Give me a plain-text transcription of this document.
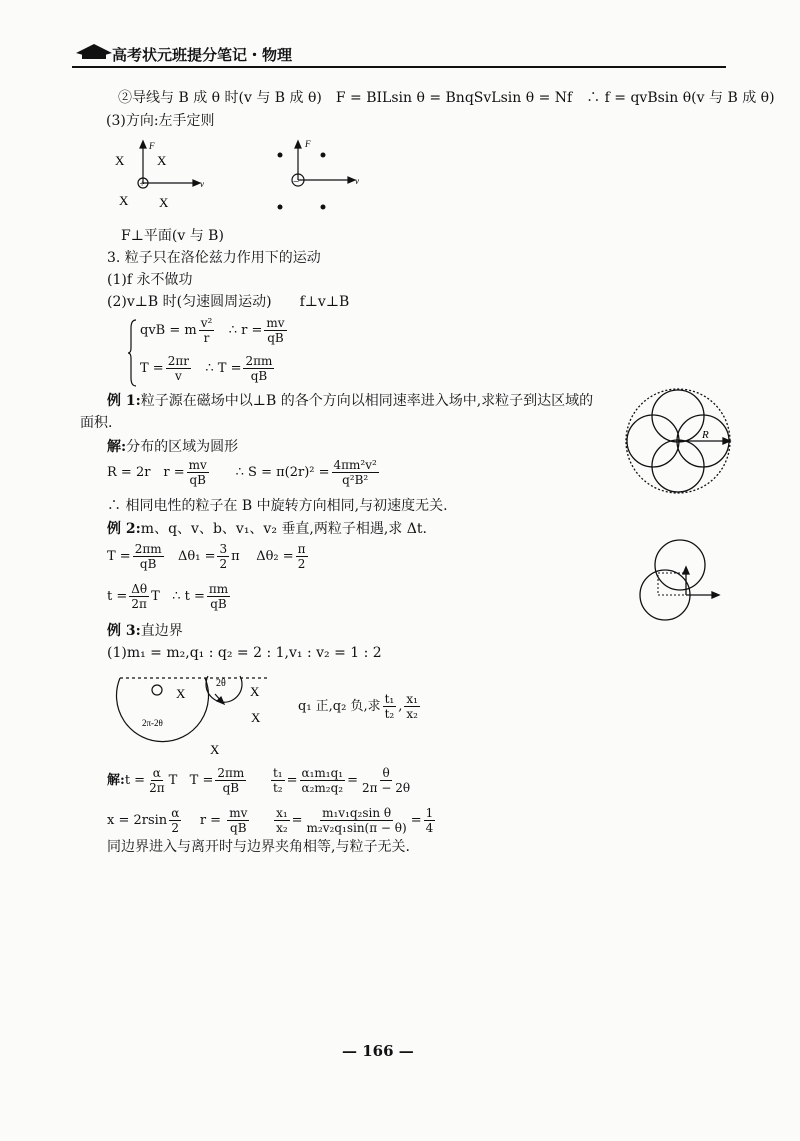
高考状元班提分笔记・物理
②导线与 B 成 θ 时(v 与 B 成 θ)　F = BILsin θ = BnqSvLsin θ = Nf　∴ f = qvBsin θ(v 与 B 成 θ)
(3)方向:左手定则
X	X
X X
F
v
+
F
v
−
F⊥平面(v 与 B)
3. 粒子只在洛伦兹力作用下的运动
(1)f 永不做功
(2)v⊥B 时(匀速圆周运动)　　f⊥v⊥B
qvB = m $\frac{\text{v²}}{r}$ ∴ $r = \frac{mv}{qB}$
$T = \frac{2\pi r}{v}$ ∴ $T = \frac{2\pi m}{qB}$
例 1:粒子源在磁场中以⊥B 的各个方向以相同速率进入场中,求粒子到达区域的
面积.
R
解:分布的区域为圆形
R = 2r　$r = \frac{mv}{qB}$ ∴ $S = \pi(2r)^2 = \frac{\text{4πm²v²}}{\text{q²B²}}$
∴ 相同电性的粒子在 B 中旋转方向相同,与初速度无关.
例 2:m、q、v、b、v₁、v₂ 垂直,两粒子相遇,求 Δt.
$T = \frac{2\pi m}{qB} \Delta\theta_1 = \frac{3}{2}$ π $\Delta\theta_2 = \frac{\pi}{2}$
$t = \frac{\Delta\theta}{2\pi}$ T ∴ $t = \frac{\pi m}{qB}$
例 3:直边界
(1)m₁ = m₂,q₁ : q₂ = 2 : 1,v₁ : v₂ = 1 : 2
X	X
X
X
2θ
2π-2θ
q₁ 正,q₂ 负,求 $\frac{\text{t₁}}{\text{t₂}}$ , $\frac{\text{x₁}}{\text{x₂}}$
解:t = $\frac{\alpha}{2\pi}$ T $T = \frac{2\pi m}{qB}$
$\frac{\text{t₁}}{\text{t₂}} = \frac{\text{α₁m₁q₁}}{\text{α₂m₂q₂}} = \frac{\theta}{2\pi - 2\theta}$
$x = 2rsin \frac{\alpha}{2}$ $r = \frac{mv}{qB}$
$\frac{\text{x₁}}{\text{x₂}} = \frac{\text{m₁v₁q₂sin θ}}{\text{m₂v₂q₁sin(π − θ)}} = \frac{1}{4}$
同边界进入与离开时与边界夹角相等,与粒子无关.
— 166 —
